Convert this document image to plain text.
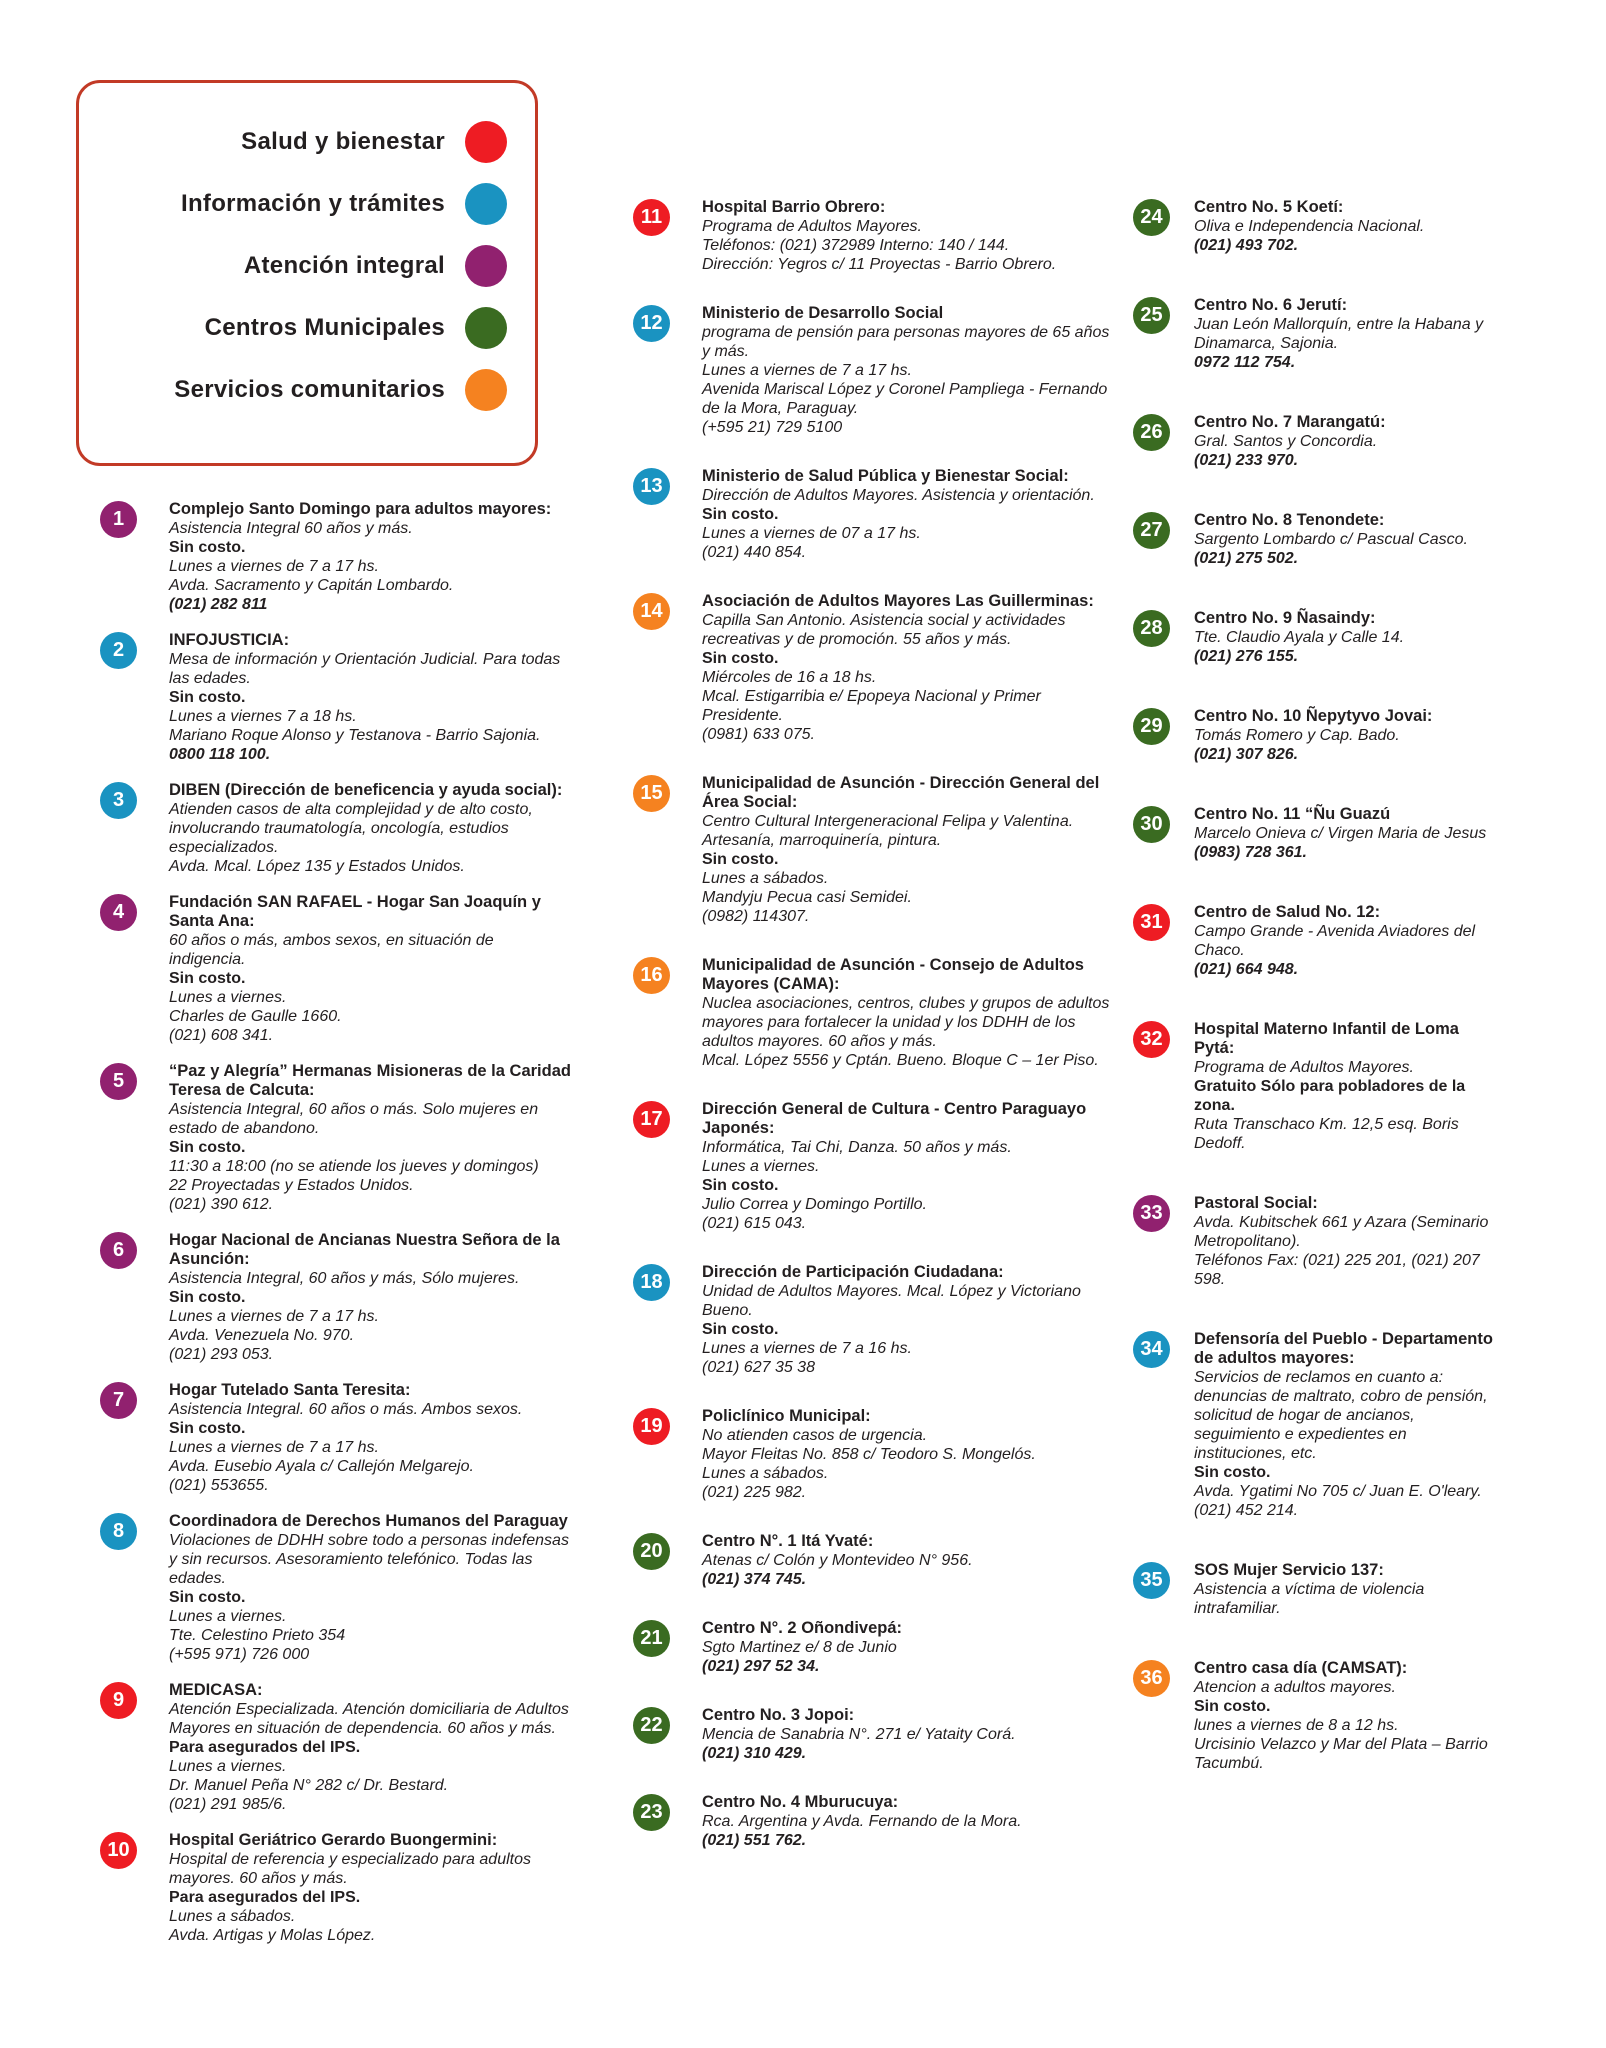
Salud y bienestar
Información y trámites
Atención integral
Centros Municipales
Servicios comunitarios
1	Complejo Santo Domingo para adultos mayores:
Asistencia Integral 60 años y más.
Sin costo.
Lunes a viernes de 7 a 17 hs.
Avda. Sacramento y Capitán Lombardo.
(021) 282 811
2	INFOJUSTICIA:
Mesa de información y Orientación Judicial. Para todas las edades.
Sin costo.
Lunes a viernes 7 a 18 hs.
Mariano Roque Alonso y Testanova - Barrio Sajonia.
0800 118 100.
3	DIBEN (Dirección de beneficencia y ayuda social):
Atienden casos de alta complejidad y de alto costo, involucrando traumatología, oncología, estudios especializados.
Avda. Mcal. López 135 y Estados Unidos.
4	Fundación SAN RAFAEL - Hogar San Joaquín y Santa Ana:
60 años o más, ambos sexos, en situación de indigencia.
Sin costo.
Lunes a viernes.
Charles de Gaulle 1660.
(021) 608 341.
5	“Paz y Alegría” Hermanas Misioneras de la Caridad Teresa de Calcuta:
Asistencia Integral, 60 años o más. Solo mujeres en estado de abandono.
Sin costo.
11:30 a 18:00 (no se atiende los jueves y domingos)
22 Proyectadas y Estados Unidos.
(021) 390 612.
6	Hogar Nacional de Ancianas Nuestra Señora de la Asunción:
Asistencia Integral, 60 años y más, Sólo mujeres.
Sin costo.
Lunes a viernes de 7 a 17 hs.
Avda. Venezuela No. 970.
(021) 293 053.
7	Hogar Tutelado Santa Teresita:
Asistencia Integral. 60 años o más. Ambos sexos.
Sin costo.
Lunes a viernes de 7 a 17 hs.
Avda. Eusebio Ayala c/ Callejón Melgarejo.
(021) 553655.
8	Coordinadora de Derechos Humanos del Paraguay
Violaciones de DDHH sobre todo a personas indefensas y sin recursos. Asesoramiento telefónico. Todas las edades.
Sin costo.
Lunes a viernes.
Tte. Celestino Prieto 354
(+595 971) 726 000
9	MEDICASA:
Atención Especializada. Atención domiciliaria de Adultos Mayores en situación de dependencia. 60 años y más.
Para asegurados del IPS.
Lunes a viernes.
Dr. Manuel Peña N° 282 c/ Dr. Bestard.
(021) 291 985/6.
10 Hospital Geriátrico Gerardo Buongermini:
Hospital de referencia y especializado para adultos mayores. 60 años y más.
Para asegurados del IPS.
Lunes a sábados.
Avda. Artigas y Molas López.
11 Hospital Barrio Obrero:
Programa de Adultos Mayores.
Teléfonos: (021) 372989 Interno: 140 / 144.
Dirección: Yegros c/ 11 Proyectas - Barrio Obrero.
12 Ministerio de Desarrollo Social
programa de pensión para personas mayores de 65 años y más.
Lunes a viernes de 7 a 17 hs.
Avenida Mariscal López y Coronel Pampliega - Fernando de la Mora, Paraguay.
(+595 21) 729 5100
13 Ministerio de Salud Pública y Bienestar Social:
Dirección de Adultos Mayores. Asistencia y orientación.
Sin costo.
Lunes a viernes de 07 a 17 hs.
(021) 440 854.
14 Asociación de Adultos Mayores Las Guillerminas:
Capilla San Antonio. Asistencia social y actividades recreativas y de promoción. 55 años y más.
Sin costo.
Miércoles de 16 a 18 hs.
Mcal. Estigarribia e/ Epopeya Nacional y Primer Presidente.
(0981) 633 075.
15 Municipalidad de Asunción - Dirección General del Área Social:
Centro Cultural Intergeneracional Felipa y Valentina.
Artesanía, marroquinería, pintura.
Sin costo.
Lunes a sábados.
Mandyju Pecua casi Semidei.
(0982) 114307.
16 Municipalidad de Asunción - Consejo de Adultos Mayores (CAMA):
Nuclea asociaciones, centros, clubes y grupos de adultos mayores para fortalecer la unidad y los DDHH de los adultos mayores. 60 años y más.
Mcal. López 5556 y Cptán. Bueno. Bloque C – 1er Piso.
17 Dirección General de Cultura - Centro Paraguayo Japonés:
Informática, Tai Chi, Danza. 50 años y más.
Lunes a viernes.
Sin costo.
Julio Correa y Domingo Portillo.
(021) 615 043.
18 Dirección de Participación Ciudadana:
Unidad de Adultos Mayores. Mcal. López y Victoriano Bueno.
Sin costo.
Lunes a viernes de 7 a 16 hs.
(021) 627 35 38
19 Policlínico Municipal:
No atienden casos de urgencia.
Mayor Fleitas No. 858 c/ Teodoro S. Mongelós.
Lunes a sábados.
(021) 225 982.
20 Centro N°. 1 Itá Yvaté:
Atenas c/ Colón y Montevideo N° 956.
(021) 374 745.
21 Centro N°. 2 Oñondivepá:
Sgto Martinez e/ 8 de Junio
(021) 297 52 34.
22 Centro No. 3 Jopoi:
Mencia de Sanabria N°. 271 e/ Yataity Corá.
(021) 310 429.
23 Centro No. 4 Mburucuya:
Rca. Argentina y Avda. Fernando de la Mora.
(021) 551 762.
24 Centro No. 5 Koetí:
Oliva e Independencia Nacional.
(021) 493 702.
25 Centro No. 6 Jerutí:
Juan León Mallorquín, entre la Habana y Dinamarca, Sajonia.
0972 112 754.
26 Centro No. 7 Marangatú:
Gral. Santos y Concordia.
(021) 233 970.
27 Centro No. 8 Tenondete:
Sargento Lombardo c/ Pascual Casco.
(021) 275 502.
28 Centro No. 9 Ñasaindy:
Tte. Claudio Ayala y Calle 14.
(021) 276 155.
29 Centro No. 10 Ñepytyvo Jovai:
Tomás Romero y Cap. Bado.
(021) 307 826.
30 Centro No. 11 “Ñu Guazú
Marcelo Onieva c/ Virgen Maria de Jesus
(0983) 728 361.
31 Centro de Salud No. 12:
Campo Grande - Avenida Aviadores del Chaco.
(021) 664 948.
32 Hospital Materno Infantil de Loma Pytá:
Programa de Adultos Mayores.
Gratuito Sólo para pobladores de la zona.
Ruta Transchaco Km. 12,5 esq. Boris Dedoff.
33 Pastoral Social:
Avda. Kubitschek 661 y Azara (Seminario Metropolitano).
Teléfonos Fax: (021) 225 201, (021) 207 598.
34 Defensoría del Pueblo - Departamento de adultos mayores:
Servicios de reclamos en cuanto a: denuncias de maltrato, cobro de pensión, solicitud de hogar de ancianos, seguimiento e expedientes en instituciones, etc.
Sin costo.
Avda. Ygatimi No 705 c/ Juan E. O'leary.
(021) 452 214.
35 SOS Mujer Servicio 137:
Asistencia a víctima de violencia intrafamiliar.
36 Centro casa día (CAMSAT):
Atencion a adultos mayores.
Sin costo.
lunes a viernes de 8 a 12 hs.
Urcisinio Velazco y Mar del Plata – Barrio Tacumbú.
